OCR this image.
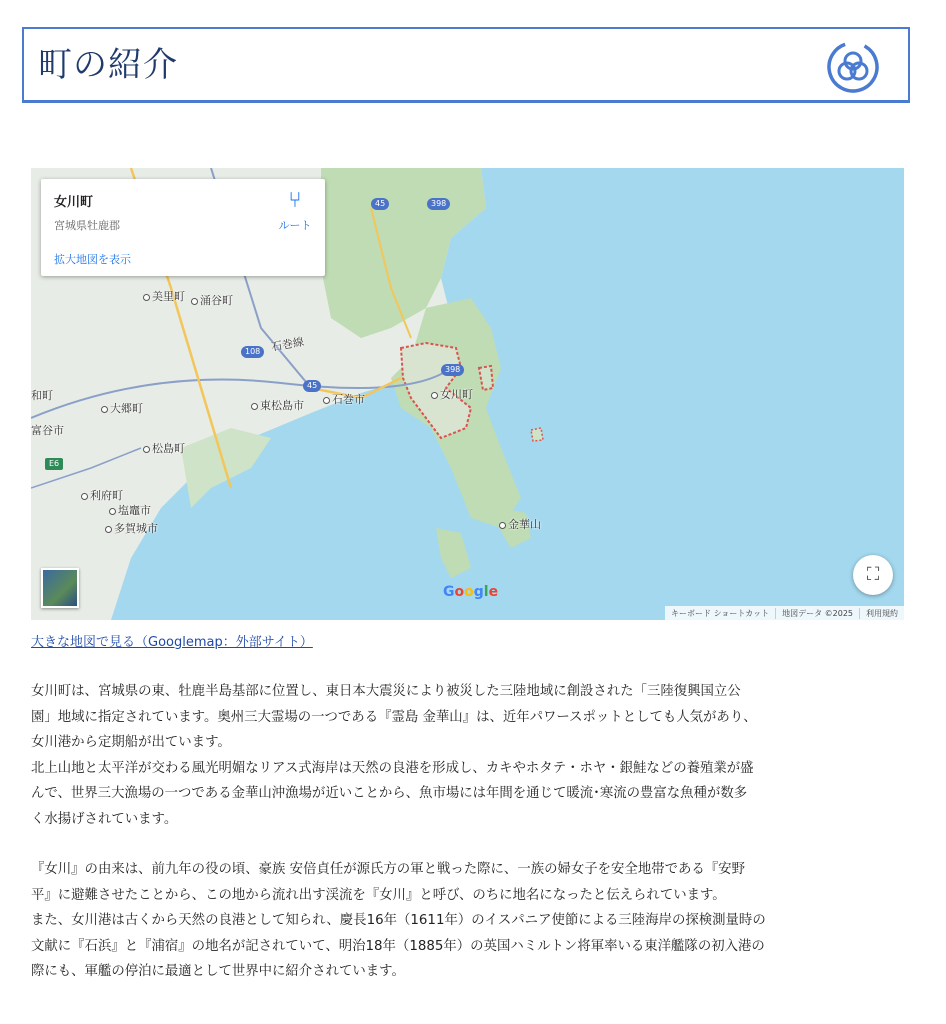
町の紹介
美里町	涌谷町
石巻線
東松島市	石巻市	女川町
大郷町
松島町
利府町
塩竈市
多賀城市	金華山
和町
富谷市
45	398
108
45
398
E6
女川町
宮城県牡鹿郡
拡大地図を表示
⑂
ルート
⛶
Google
キーボード ショートカット	地図データ ©2025	利用規約
大きな地図で見る（Googlemap：外部サイト）
女川町は、宮城県の東、牡鹿半島基部に位置し、東日本大震災により被災した三陸地域に創設された「三陸復興国立公
園」地域に指定されています。奥州三大霊場の一つである『霊島 金華山』は、近年パワースポットとしても人気があり、
女川港から定期船が出ています。
北上山地と太平洋が交わる風光明媚なリアス式海岸は天然の良港を形成し、カキやホタテ・ホヤ・銀鮭などの養殖業が盛
んで、世界三大漁場の一つである金華山沖漁場が近いことから、魚市場には年間を通じて暖流･寒流の豊富な魚種が数多
く水揚げされています。
『女川』の由来は、前九年の役の頃、豪族 安倍貞任が源氏方の軍と戦った際に、一族の婦女子を安全地帯である『安野
平』に避難させたことから、この地から流れ出す渓流を『女川』と呼び、のちに地名になったと伝えられています。
また、女川港は古くから天然の良港として知られ、慶長16年（1611年）のイスパニア使節による三陸海岸の探検測量時の
文献に『石浜』と『浦宿』の地名が記されていて、明治18年（1885年）の英国ハミルトン将軍率いる東洋艦隊の初入港の
際にも、軍艦の停泊に最適として世界中に紹介されています。
